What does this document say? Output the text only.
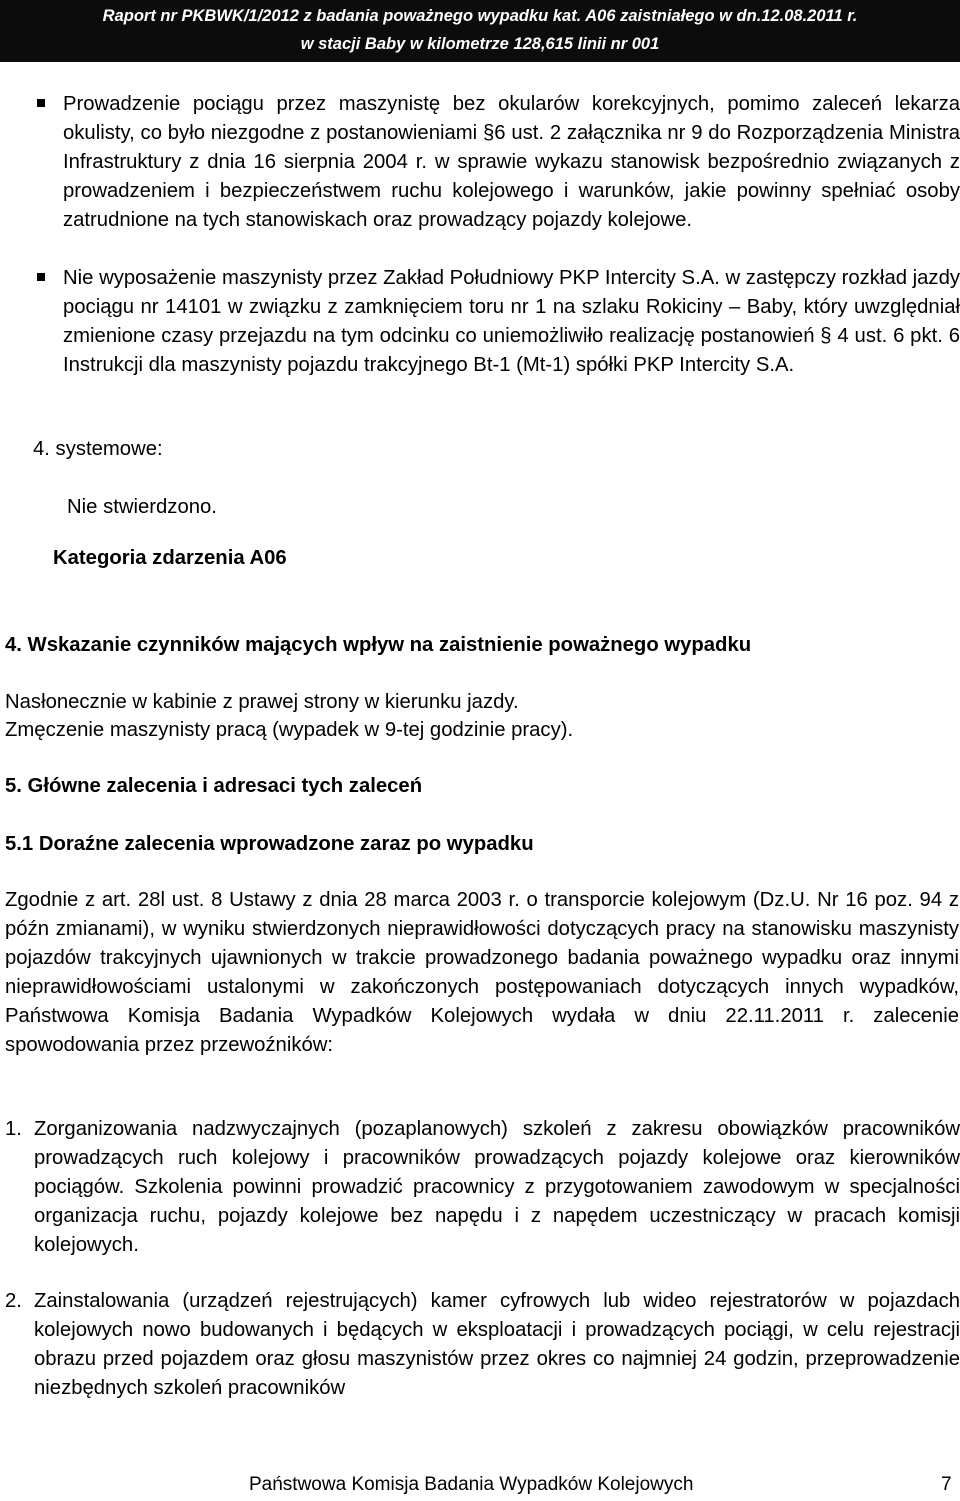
Raport nr PKBWK/1/2012 z badania poważnego wypadku kat. A06 zaistniałego w dn.12.08.2011 r.
w stacji Baby w kilometrze 128,615 linii nr 001
Prowadzenie pociągu przez maszynistę bez okularów korekcyjnych, pomimo zaleceń lekarza okulisty, co było niezgodne z postanowieniami §6 ust. 2 załącznika nr 9 do Rozporządzenia Ministra Infrastruktury z dnia 16 sierpnia 2004 r. w sprawie wykazu stanowisk bezpośrednio związanych z prowadzeniem i bezpieczeństwem ruchu kolejowego i warunków, jakie powinny spełniać osoby zatrudnione na tych stanowiskach oraz prowadzący pojazdy kolejowe.
Nie wyposażenie maszynisty przez Zakład Południowy PKP Intercity S.A. w zastępczy rozkład jazdy pociągu nr 14101 w związku z zamknięciem toru nr 1 na szlaku Rokiciny – Baby, który uwzględniał zmienione czasy przejazdu na tym odcinku co uniemożliwiło realizację postanowień § 4 ust. 6 pkt. 6 Instrukcji dla maszynisty pojazdu trakcyjnego Bt-1 (Mt-1) spółki PKP Intercity S.A.
4. systemowe:
Nie stwierdzono.
Kategoria zdarzenia A06
4. Wskazanie czynników mających wpływ na zaistnienie poważnego wypadku
Nasłonecznie w kabinie z prawej strony w kierunku jazdy.
Zmęczenie maszynisty pracą (wypadek w 9-tej godzinie pracy).
5. Główne zalecenia i adresaci tych zaleceń
5.1 Doraźne zalecenia wprowadzone zaraz po wypadku
Zgodnie z art. 28l ust. 8 Ustawy z dnia 28 marca 2003 r. o transporcie kolejowym (Dz.U. Nr 16 poz. 94 z późn zmianami), w wyniku stwierdzonych nieprawidłowości dotyczących pracy na stanowisku maszynisty pojazdów trakcyjnych ujawnionych w trakcie prowadzonego badania poważnego wypadku oraz innymi nieprawidłowościami ustalonymi w zakończonych postępowaniach dotyczących innych wypadków, Państwowa Komisja Badania Wypadków Kolejowych wydała w dniu 22.11.2011 r. zalecenie spowodowania przez przewoźników:
1. Zorganizowania nadzwyczajnych (pozaplanowych) szkoleń z zakresu obowiązków pracowników prowadzących ruch kolejowy i pracowników prowadzących pojazdy kolejowe oraz kierowników pociągów. Szkolenia powinni prowadzić pracownicy z przygotowaniem zawodowym w specjalności organizacja ruchu, pojazdy kolejowe bez napędu i z napędem uczestniczący w pracach komisji kolejowych.
2. Zainstalowania (urządzeń rejestrujących) kamer cyfrowych lub wideo rejestratorów w pojazdach kolejowych nowo budowanych i będących w eksploatacji i prowadzących pociągi, w celu rejestracji obrazu przed pojazdem oraz głosu maszynistów przez okres co najmniej 24 godzin, przeprowadzenie niezbędnych szkoleń pracowników
Państwowa Komisja Badania Wypadków Kolejowych	7
